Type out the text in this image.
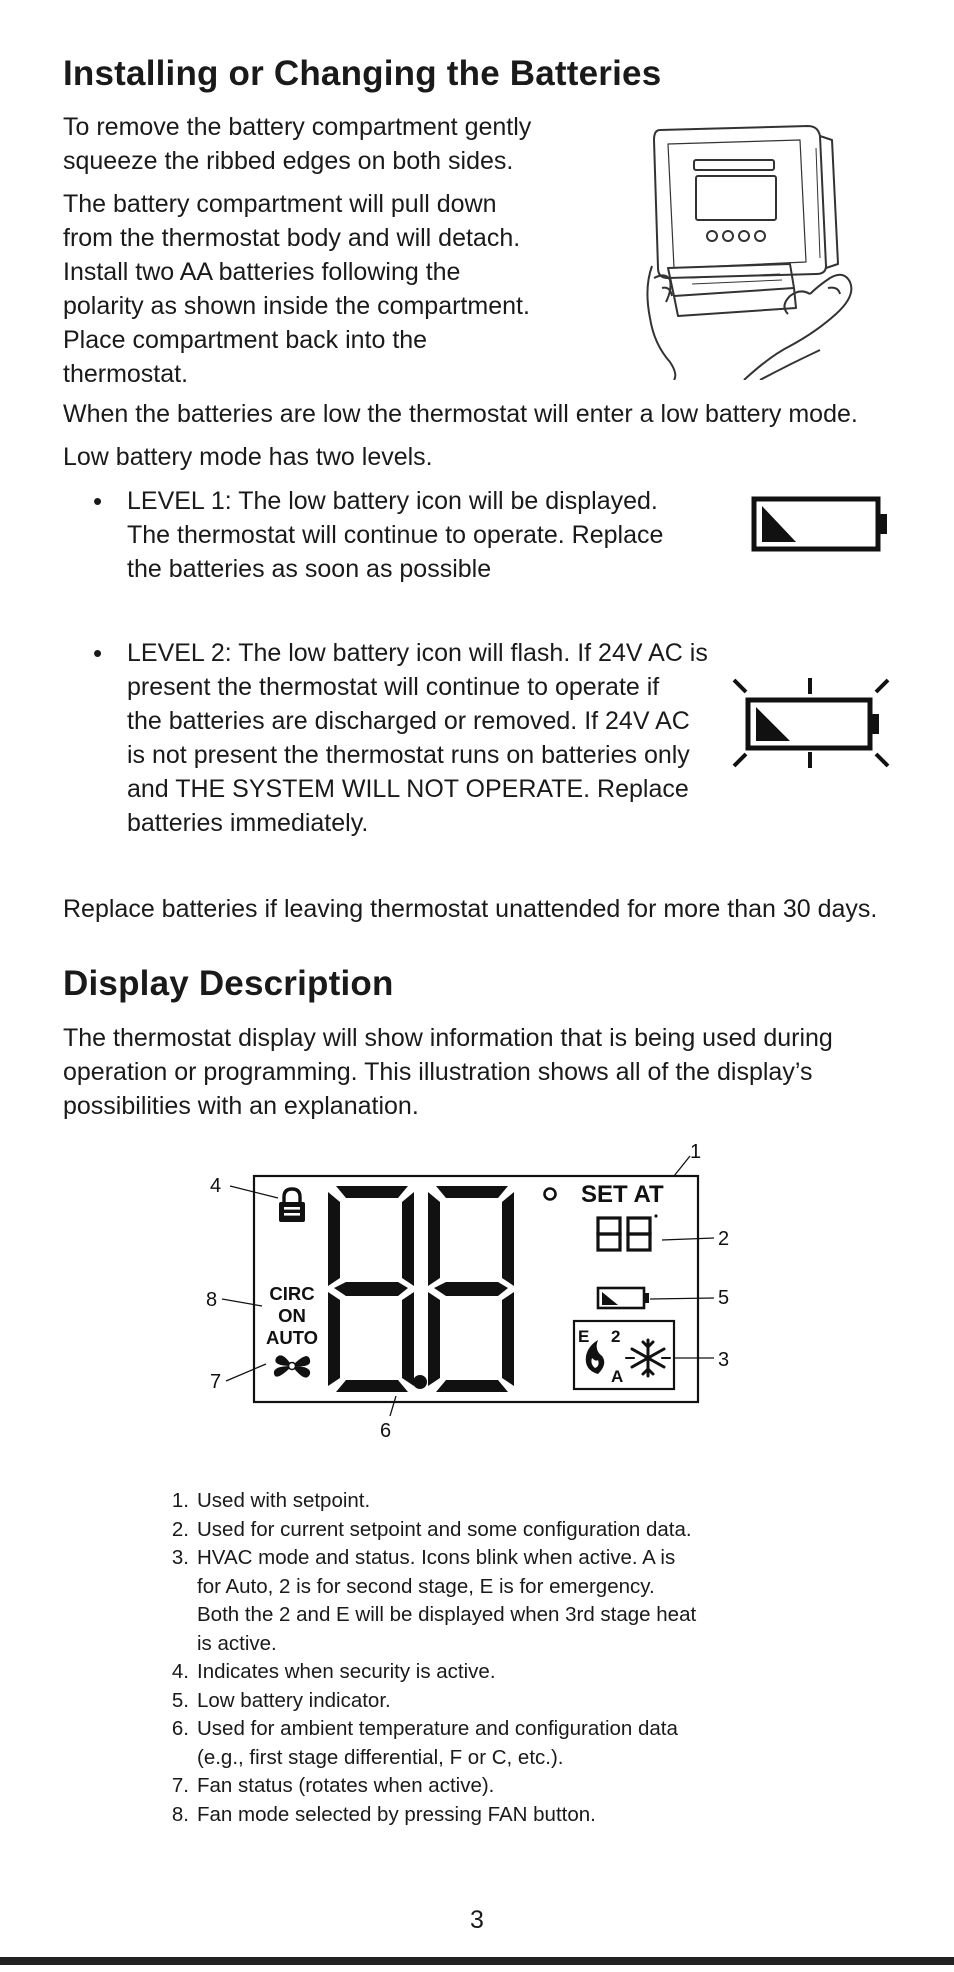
Installing or Changing the Batteries

To remove the battery compartment gently

squeeze the ribbed edges on both sides.

The battery compartment will pull down

from the thermostat body and will detach.

Install two AA batteries following the

polarity as shown inside the compartment.

Place compartment back into the

thermostat.

When the batteries are low the thermostat will enter a low battery mode.

Low battery mode has two levels.

• LEVEL 1: The low battery icon will be displayed.

The thermostat will continue to operate. Replace

the batteries as soon as possible

• LEVEL 2: The low battery icon will flash. If 24V AC is

present the thermostat will continue to operate if

the batteries are discharged or removed. If 24V AC

is not present the thermostat runs on batteries only

and THE SYSTEM WILL NOT OPERATE. Replace

batteries immediately.

Replace batteries if leaving thermostat unattended for more than 30 days.

Display Description

The thermostat display will show information that is being used during

operation or programming. This illustration shows all of the display’s

possibilities with an explanation.

SET AT
E 2
A
CIRC
ON
AUTO
1
2
3
4
5
6
7
8
1. Used with setpoint.
2. Used for current setpoint and some configuration data.
3. HVAC mode and status. Icons blink when active. A is
for Auto, 2 is for second stage, E is for emergency.
Both the 2 and E will be displayed when 3rd stage heat
is active.
4. Indicates when security is active.
5. Low battery indicator.
6. Used for ambient temperature and configuration data
(e.g., first stage differential, F or C, etc.).
7. Fan status (rotates when active).
8. Fan mode selected by pressing FAN button.
3
